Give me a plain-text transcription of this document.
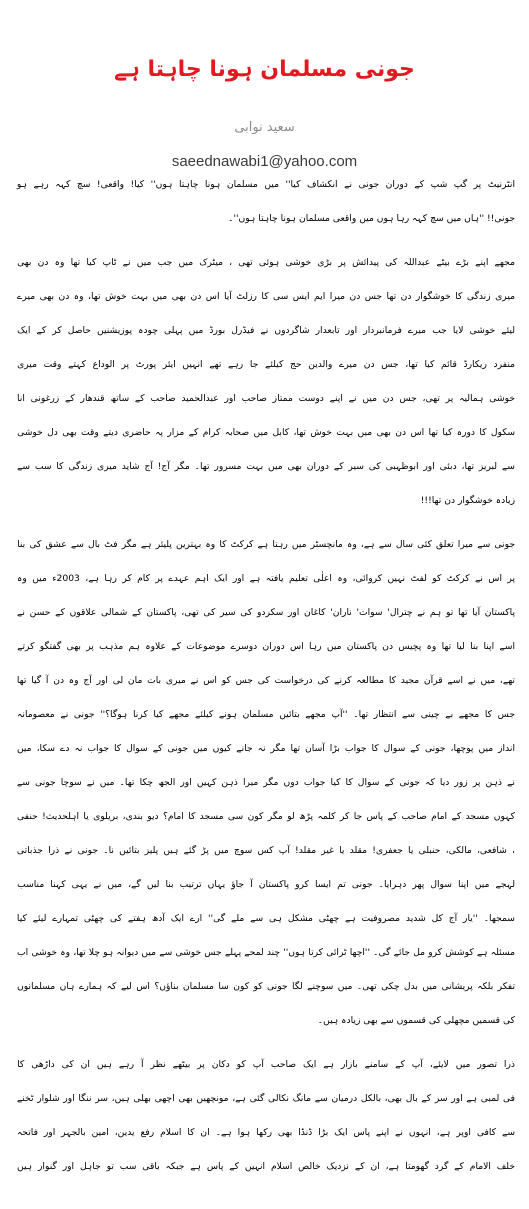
جونی مسلمان ہونا چاہتا ہے
سعید نوابی
saeednawabi1@yahoo.com
انٹرنیٹ پر گپ شپ کے دوران جونی نے انکشاف کیا'' میں مسلمان ہونا چاہتا ہوں'' کیا! واقعی! سچ کہہ رہے ہو
جونی!! ''ہاں میں سچ کہہ رہا ہوں میں واقعی مسلمان ہونا چاہتا ہوں''۔
مجھے اپنے بڑے بیٹے عبداللہ کی پیدائش پر بڑی خوشی ہوئی تھی ، میٹرک میں جب میں نے ٹاپ کیا تھا وہ دن بھی
میری زندگی کا خوشگوار دن تھا جس دن میرا ایم ایس سی کا رزلٹ آیا اس دن بھی میں بہت خوش تھا، وہ دن بھی میرے
لیئے خوشی لایا جب میرے فرمانبردار اور تابعدار شاگردوں نے فیڈرل بورڈ میں پہلی چودہ پوزیشنیں حاصل کر کے ایک
منفرد ریکارڈ قائم کیا تھا، جس دن میرے والدین حج کیلئے جا رہے تھے انہیں ایئر پورٹ پر الوداع کہتے وقت میری
خوشی ہمالیہ پر تھی، جس دن میں نے اپنے دوست ممتاز صاحب اور عبدالحمید صاحب کے ساتھ قندھار کے زرغونی انا
سکول کا دورہ کیا تھا اس دن بھی میں بہت خوش تھا، کابل میں صحابہ کرام کے مزار پہ حاضری دیتے وقت بھی دل خوشی
سے لبریز تھا، دبئی اور ابوظہبی کی سیر کے دوران بھی میں بہت مسرور تھا۔ مگر آج! آج شاید میری زندگی کا سب سے
زیادہ خوشگوار دن تھا!!!
جونی سے میرا تعلق کئی سال سے ہے، وہ مانچسٹر میں رہتا ہے کرکٹ کا وہ بہترین پلیئر ہے مگر فٹ بال سے عشق کی بنا
پر اس نے کرکٹ کو لفٹ نہیں کروائی، وہ اعلٰی تعلیم یافتہ ہے اور ایک اہم عہدے پر کام کر رہا ہے، 2003ء میں وہ
پاکستان آیا تھا تو ہم نے چترال' سوات' ناران' کاغان اور سکردو کی سیر کی تھی، پاکستان کے شمالی علاقوں کے حسن نے
اسے اپنا بنا لیا تھا وہ پچیس دن پاکستان میں رہا اس دوران دوسرے موضوعات کے علاوہ ہم مذہب پر بھی گفتگو کرتے
تھے، میں نے اسے قرآن مجید کا مطالعہ کرنے کی درخواست کی جس کو اس نے میری بات مان لی اور آج وہ دن آ گیا تھا
جس کا مجھے بے چینی سے انتظار تھا۔ ''آپ مجھے بتائیں مسلمان ہونے کیلئے مجھے کیا کرنا ہوگا؟'' جونی نے معصومانہ
انداز میں پوچھا، جونی کے سوال کا جواب بڑا آسان تھا مگر نہ جانے کیوں میں جونی کے سوال کا جواب نہ دے سکا، میں
نے ذہن پر زور دیا کہ جونی کے سوال کا کیا جواب دوں مگر میرا ذہن کہیں اور الجھ چکا تھا۔ میں نے سوچا جونی سے
کہوں مسجد کے امام صاحب کے پاس جا کر کلمہ پڑھ لو مگر کون سی مسجد کا امام؟ دیو بندی، بریلوی یا اہلحدیث! حنفی
، شافعی، مالکی، حنبلی یا جعفری! مقلد یا غیر مقلد! آپ کس سوچ میں پڑ گئے ہیں پلیز بتائیں نا۔ جونی نے ذرا جذباتی
لہجے میں اپنا سوال پھر دہرایا۔ جونی تم ایسا کرو پاکستان آ جاؤ یہاں ترتیب بنا لیں گے، میں نے یہی کہنا مناسب
سمجھا۔ ''یار آج کل شدید مصروفیت ہے چھٹی مشکل ہی سے ملے گی'' ارے ایک آدھ ہفتے کی چھٹی تمہارے لیئے کیا
مسئلہ ہے کوشش کرو مل جائے گی۔ ''اچھا ٹرائی کرتا ہوں'' چند لمحے پہلے جس خوشی سے میں دیوانہ ہو چلا تھا، وہ خوشی اب
تفکر بلکہ پریشانی میں بدل چکی تھی۔ میں سوچنے لگا جونی کو کون سا مسلمان بناؤں؟ اس لیے کہ ہمارے ہاں مسلمانوں
کی قسمیں مچھلی کی قسموں سے بھی زیادہ ہیں۔
ذرا تصور میں لایئے، آپ کے سامنے بازار ہے ایک صاحب آپ کو دکان پر بیٹھے نظر آ رہے ہیں ان کی داڑھی کا
فی لمبی ہے اور سر کے بال بھی، بالکل درمیان سے مانگ نکالی گئی ہے، مونچھیں بھی اچھی بھلی ہیں، سر ننگا اور شلوار ٹخنے
سے کافی اوپر ہے، انہوں نے اپنے پاس ایک بڑا ڈنڈا بھی رکھا ہوا ہے۔ ان کا اسلام رفع یدین، امین بالجہر اور فاتحہ
خلف الامام کے گرد گھومتا ہے، ان کے نزدیک خالص اسلام انہیں کے پاس ہے جبکہ باقی سب تو جاہل اور گنوار ہیں
